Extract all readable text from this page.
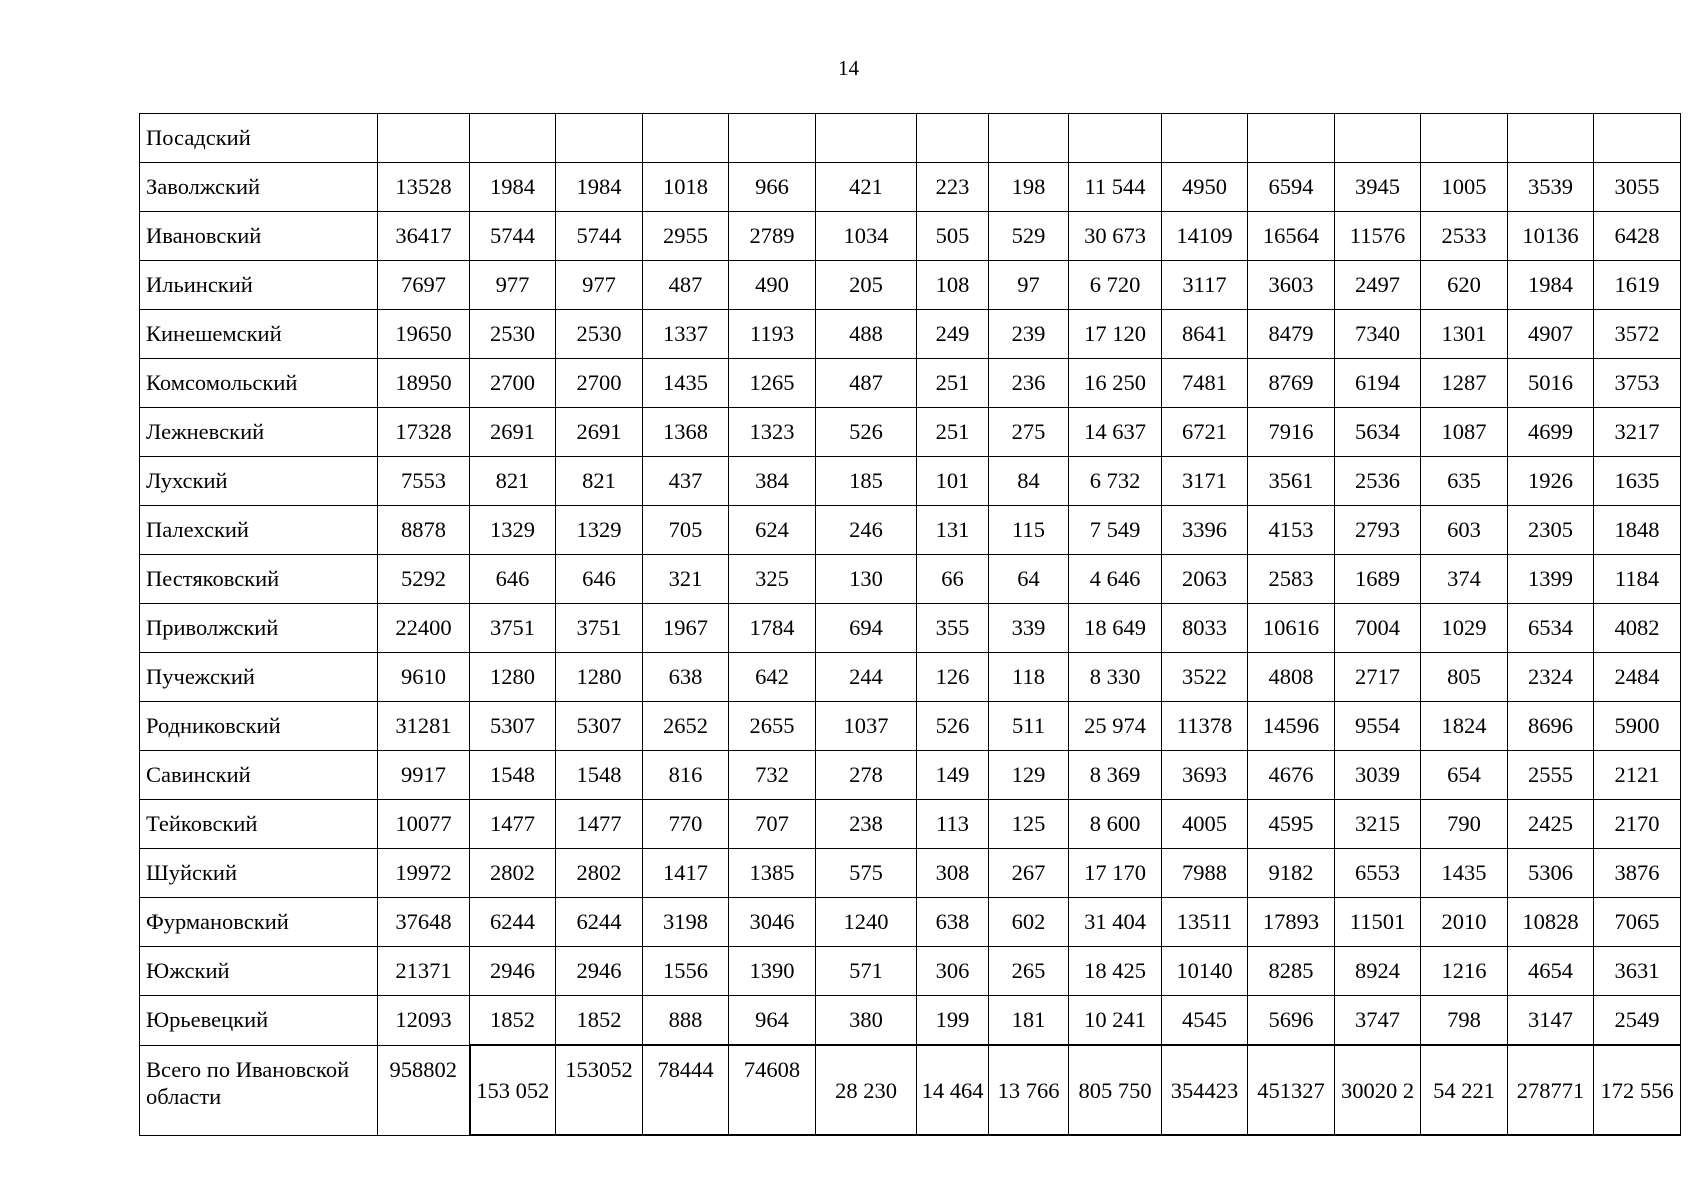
14
Посадский															
Заволжский	13528	1984	1984	1018	966	421	223	198	11 544	4950	6594	3945	1005	3539	3055
Ивановский	36417	5744	5744	2955	2789	1034	505	529	30 673	14109	16564	11576	2533	10136	6428
Ильинский	7697	977	977	487	490	205	108	97	6 720	3117	3603	2497	620	1984	1619
Кинешемский	19650	2530	2530	1337	1193	488	249	239	17 120	8641	8479	7340	1301	4907	3572
Комсомольский	18950	2700	2700	1435	1265	487	251	236	16 250	7481	8769	6194	1287	5016	3753
Лежневский	17328	2691	2691	1368	1323	526	251	275	14 637	6721	7916	5634	1087	4699	3217
Лухский	7553	821	821	437	384	185	101	84	6 732	3171	3561	2536	635	1926	1635
Палехский	8878	1329	1329	705	624	246	131	115	7 549	3396	4153	2793	603	2305	1848
Пестяковский	5292	646	646	321	325	130	66	64	4 646	2063	2583	1689	374	1399	1184
Приволжский	22400	3751	3751	1967	1784	694	355	339	18 649	8033	10616	7004	1029	6534	4082
Пучежский	9610	1280	1280	638	642	244	126	118	8 330	3522	4808	2717	805	2324	2484
Родниковский	31281	5307	5307	2652	2655	1037	526	511	25 974	11378	14596	9554	1824	8696	5900
Савинский	9917	1548	1548	816	732	278	149	129	8 369	3693	4676	3039	654	2555	2121
Тейковский	10077	1477	1477	770	707	238	113	125	8 600	4005	4595	3215	790	2425	2170
Шуйский	19972	2802	2802	1417	1385	575	308	267	17 170	7988	9182	6553	1435	5306	3876
Фурмановский	37648	6244	6244	3198	3046	1240	638	602	31 404	13511	17893	11501	2010	10828	7065
Южский	21371	2946	2946	1556	1390	571	306	265	18 425	10140	8285	8924	1216	4654	3631
Юрьевецкий	12093	1852	1852	888	964	380	199	181	10 241	4545	5696	3747	798	3147	2549
Всего по Ивановской области	958802	153 052	153052	78444	74608	28 230	14 464	13 766	805 750	354423	451327	30020 2	54 221	278771	172 556
